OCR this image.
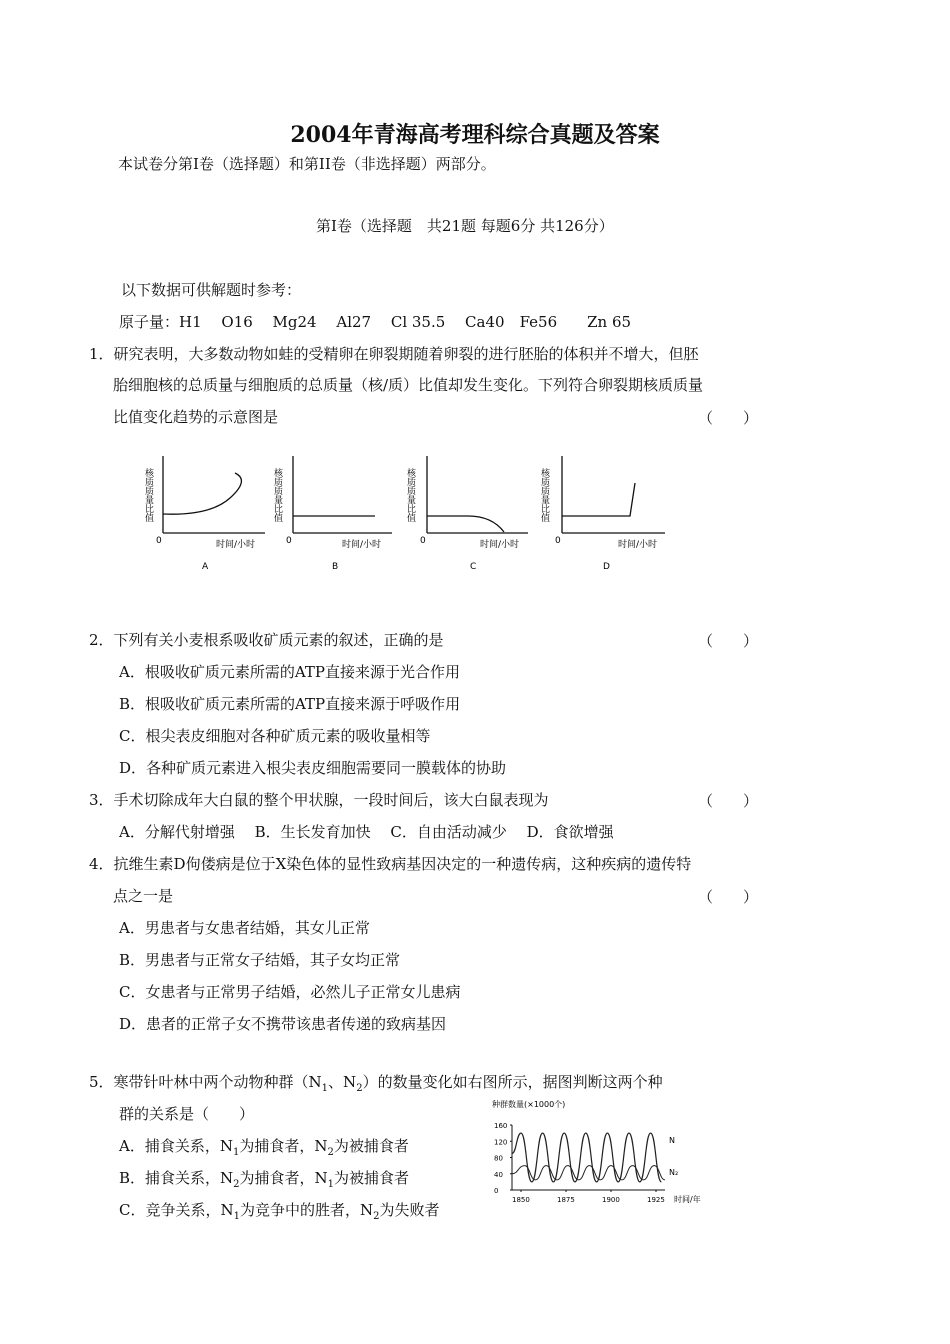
2004年青海高考理科综合真题及答案
本试卷分第Ⅰ卷（选择题）和第II卷（非选择题）两部分。
第Ⅰ卷（选择题　共21题 每题6分 共126分）
以下数据可供解题时参考：
原子量：H1　 O16　 Mg24　 Al27　 Cl 35.5　 Ca40　Fe56　　Zn 65
1．研究表明，大多数动物如蛙的受精卵在卵裂期随着卵裂的进行胚胎的体积并不增大，但胚
胎细胞核的总质量与细胞质的总质量（核/质）比值却发生变化。下列符合卵裂期核质质量
比值变化趋势的示意图是	（　　）
核质质量比值
0	时间/小时
A
核质质量比值
0	时间/小时
B
核质质量比值
0	时间/小时
C
核质质量比值
0	时间/小时
D
2．下列有关小麦根系吸收矿质元素的叙述，正确的是	（　　）
A．根吸收矿质元素所需的ATP直接来源于光合作用
B．根吸收矿质元素所需的ATP直接来源于呼吸作用
C．根尖表皮细胞对各种矿质元素的吸收量相等
D．各种矿质元素进入根尖表皮细胞需要同一膜载体的协助
3．手术切除成年大白鼠的整个甲状腺，一段时间后，该大白鼠表现为	（　　）
A．分解代射增强　 B．生长发育加快　 C．自由活动减少　 D．食欲增强
4．抗维生素D佝偻病是位于X染色体的显性致病基因决定的一种遗传病，这种疾病的遗传特
点之一是	（　　）
A．男患者与女患者结婚，其女儿正常
B．男患者与正常女子结婚，其子女均正常
C．女患者与正常男子结婚，必然儿子正常女儿患病
D．患者的正常子女不携带该患者传递的致病基因
5．寒带针叶林中两个动物种群（$N_1$、$N_2$）的数量变化如右图所示，据图判断这两个种
群的关系是（　　）
A．捕食关系，$N_1$为捕食者，$N_2$为被捕食者
B．捕食关系，$N_2$为捕食者，$N_1$为被捕食者
C．竞争关系，$N_1$为竞争中的胜者，$N_2$为失败者
种群数量(×1000个)
160
120
80
40
0
1850	1875	1900	1925
N
N₂
时间/年
